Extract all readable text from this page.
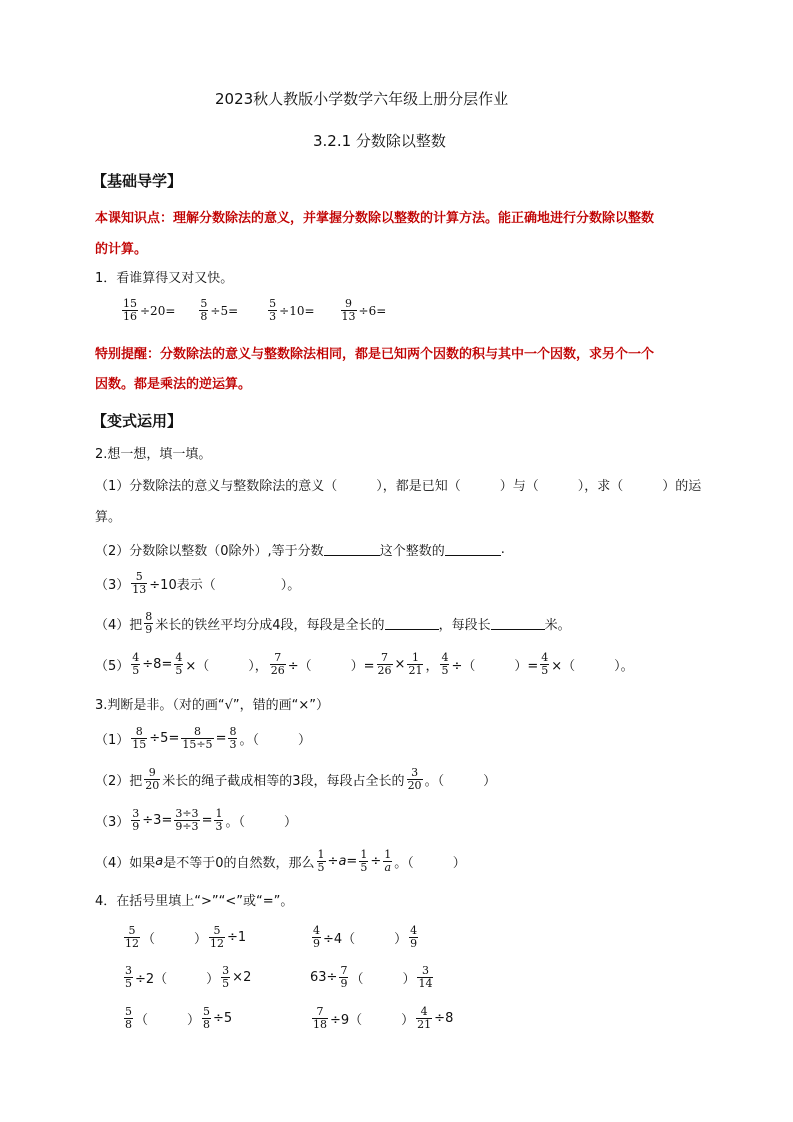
2023秋人教版小学数学六年级上册分层作业
3.2.1 分数除以整数
【基础导学】
本课知识点：理解分数除法的意义，并掌握分数除以整数的计算方法。能正确地进行分数除以整数
的计算。
1．看谁算得又对又快。
$\frac{15}{16} \div 20= \frac{5}{8} \div 5=$	$\frac{5}{3} \div 10= \frac{9}{13} \div 6=$
特别提醒：分数除法的意义与整数除法相同，都是已知两个因数的积与其中一个因数，求另个一个
因数。都是乘法的逆运算。
【变式运用】
2.想一想，填一填。
（1）分数除法的意义与整数除法的意义（　　　），都是已知（　　　）与（　　　），求（　　　）的运
算。
（2）分数除以整数（0除外）,等于分数	这个整数的	.
$(3) \frac{5}{13} \div 10$表示（　　　　　）。
（4）把 $\frac{8}{9}$ 米长的铁丝平均分成4段，每段是全长的	，每段长	米。
$(5) \frac{4}{5} \div 8= \frac{4}{5}$ ×（　　　）， $\frac{7}{26}$ ÷（　　　）= $\frac{7}{26} \times \frac{1}{21}$ ， $\frac{4}{5}$ ÷（　　　）= $\frac{4}{5}$ ×（　　　）。
3.判断是非。（对的画“√”，错的画“×”）
$(1) \frac{8}{15} \div 5= \frac{8}{15\div 5} = \frac{8}{3}$ 。（　　　）
（2）把 $\frac{9}{20}$ 米长的绳子截成相等的3段，每段占全长的 $\frac{3}{20}$ 。（　　　）
$(3) \frac{3}{9} \div 3= \frac{3\div 3}{9\div 3} = \frac{1}{3}$ 。（　　　）
（4）如果 a 是不等于0的自然数，那么 $\frac{1}{5} \div a = \frac{1}{5} \div \frac{1}{a}$ 。（　　　）
4．在括号里填上“>”“<”或“=”。
$\frac{5}{12}$ （　　　） $\frac{5}{12} \div 1$	$\frac{4}{9} \div 4$（　　　） $\frac{4}{9}$
$\frac{3}{5} \div 2$（　　　） $\frac{3}{5} \times 2$	$63\div \frac{7}{9}$ （　　　） $\frac{3}{14}$
$\frac{5}{8}$ （　　　） $\frac{5}{8} \div 5$	$\frac{7}{18} \div 9$（　　　） $\frac{4}{21} \div 8$
